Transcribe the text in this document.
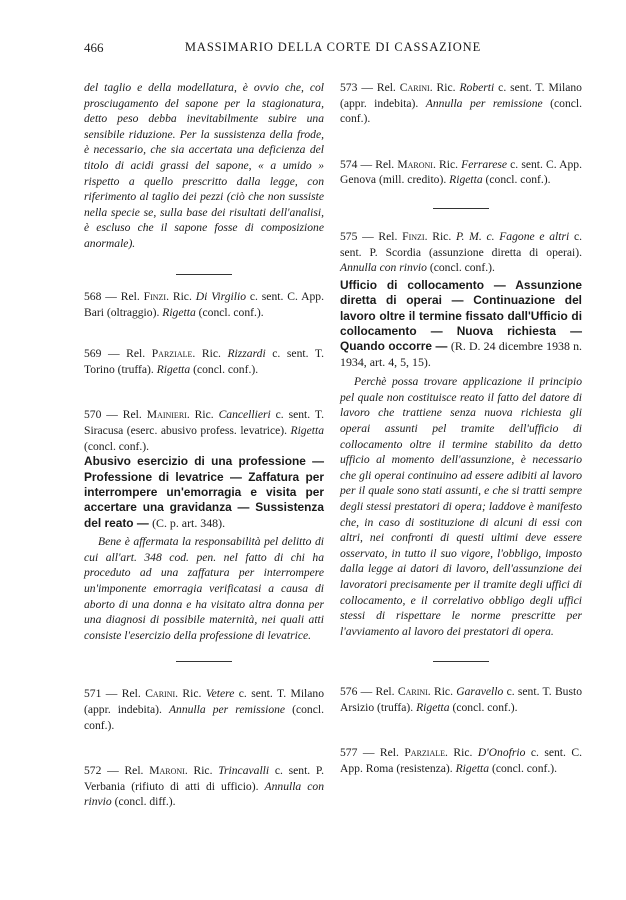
466	MASSIMARIO DELLA CORTE DI CASSAZIONE
del taglio e della modellatura, è ovvio che, col prosciugamento del sapone per la stagionatura, detto peso debba inevitabilmente subire una sensibile riduzione. Per la sussistenza della frode, è necessario, che sia accertata una deficienza del titolo di acidi grassi del sapone, « a umido » rispetto a quello prescritto dalla legge, con riferimento al taglio dei pezzi (ciò che non sussiste nella specie se, sulla base dei risultati dell'analisi, è escluso che il sapone fosse di composizione anormale).
568 — Rel. Finzi. Ric. Di Virgilio c. sent. C. App. Bari (oltraggio). Rigetta (concl. conf.).
569 — Rel. Parziale. Ric. Rizzardi c. sent. T. Torino (truffa). Rigetta (concl. conf.).
570 — Rel. Mainieri. Ric. Cancellieri c. sent. T. Siracusa (eserc. abusivo profess. levatrice). Rigetta (concl. conf.).
Abusivo esercizio di una professione — Professione di levatrice — Zaffatura per interrompere un'emorragia e visita per accertare una gravidanza — Sussistenza del reato — (C. p. art. 348).
Bene è affermata la responsabilità pel delitto di cui all'art. 348 cod. pen. nel fatto di chi ha proceduto ad una zaffatura per interrompere un'imponente emorragia verificatasi a causa di aborto di una donna e ha visitato altra donna per una diagnosi di possibile maternità, nei quali atti consiste l'esercizio della professione di levatrice.
571 — Rel. Carini. Ric. Vetere c. sent. T. Milano (appr. indebita). Annulla per remissione (concl. conf.).
572 — Rel. Maroni. Ric. Trincavalli c. sent. P. Verbania (rifiuto di atti di ufficio). Annulla con rinvio (concl. diff.).
573 — Rel. Carini. Ric. Roberti c. sent. T. Milano (appr. indebita). Annulla per remissione (concl. conf.).
574 — Rel. Maroni. Ric. Ferrarese c. sent. C. App. Genova (mill. credito). Rigetta (concl. conf.).
575 — Rel. Finzi. Ric. P. M. c. Fagone e altri c. sent. P. Scordia (assunzione diretta di operai). Annulla con rinvio (concl. conf.).
Ufficio di collocamento — Assunzione diretta di operai — Continuazione del lavoro oltre il termine fissato dall'Ufficio di collocamento — Nuova richiesta — Quando occorre — (R. D. 24 dicembre 1938 n. 1934, art. 4, 5, 15).
Perchè possa trovare applicazione il principio pel quale non costituisce reato il fatto del datore di lavoro che trattiene senza nuova richiesta gli operai assunti pel tramite dell'ufficio di collocamento oltre il termine stabilito da detto ufficio al momento dell'assunzione, è necessario che gli operai continuino ad essere adibiti al lavoro per il quale sono stati assunti, e che si tratti sempre degli stessi prestatori di opera; laddove è manifesto che, in caso di sostituzione di alcuni di essi con altri, nei confronti di questi ultimi deve essere osservato, in tutto il suo vigore, l'obbligo, imposto dalla legge ai datori di lavoro, dell'assunzione dei lavoratori precisamente per il tramite degli uffici di collocamento, e il correlativo obbligo degli uffici stessi di rispettare le norme prescritte per l'avviamento al lavoro dei prestatori di opera.
576 — Rel. Carini. Ric. Garavello c. sent. T. Busto Arsizio (truffa). Rigetta (concl. conf.).
577 — Rel. Parziale. Ric. D'Onofrio c. sent. C. App. Roma (resistenza). Rigetta (concl. conf.).
